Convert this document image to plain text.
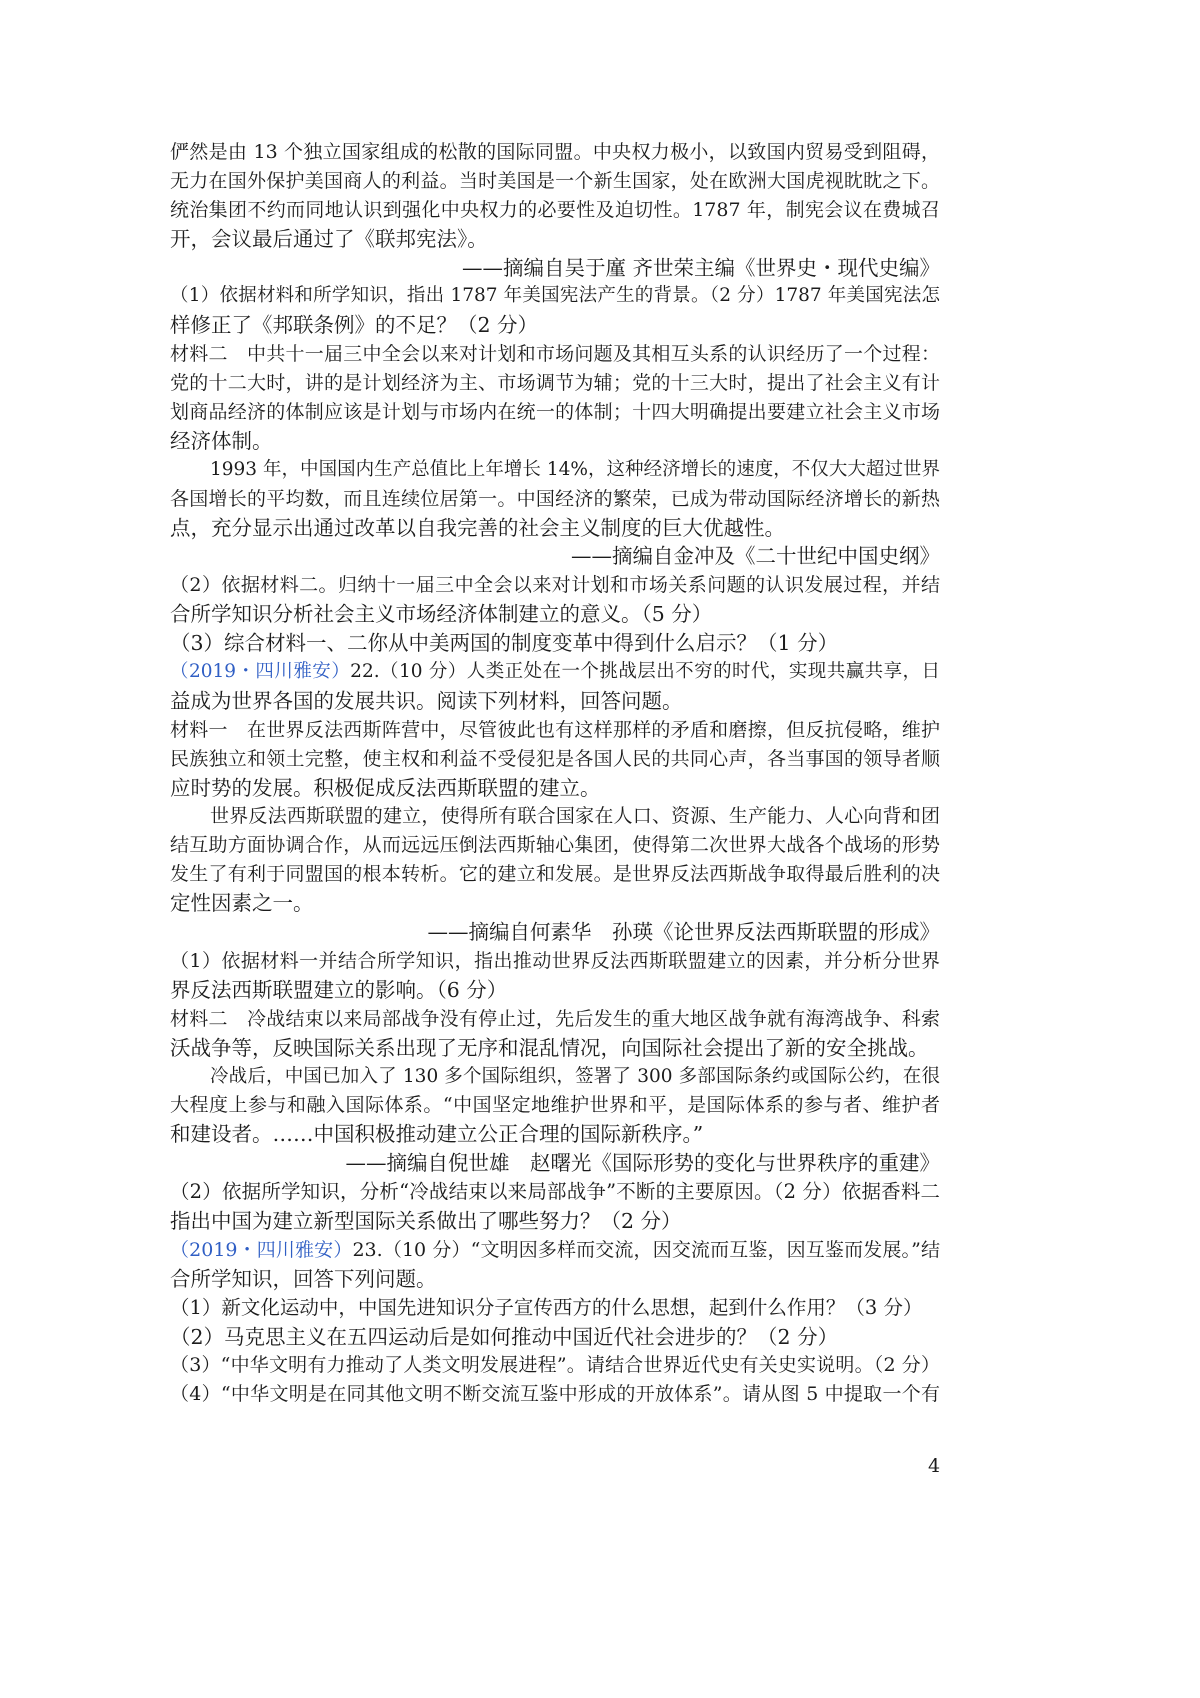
俨然是由 13 个独立国家组成的松散的国际同盟。中央权力极小，以致国内贸易受到阻碍，
无力在国外保护美国商人的利益。当时美国是一个新生国家，处在欧洲大国虎视眈眈之下。
统治集团不约而同地认识到强化中央权力的必要性及迫切性。1787 年，制宪会议在费城召
开，会议最后通过了《联邦宪法》。
——摘编自吴于廑 齐世荣主编《世界史・现代史编》
（1）依据材料和所学知识，指出 1787 年美国宪法产生的背景。（2 分）1787 年美国宪法怎
样修正了《邦联条例》的不足？（2 分）
材料二　中共十一届三中全会以来对计划和市场问题及其相互头系的认识经历了一个过程：
党的十二大时，讲的是计划经济为主、市场调节为辅；党的十三大时，提出了社会主义有计
划商品经济的体制应该是计划与市场内在统一的体制；十四大明确提出要建立社会主义市场
经济体制。
1993 年，中国国内生产总值比上年增长 14%，这种经济增长的速度，不仅大大超过世界
各国增长的平均数，而且连续位居第一。中国经济的繁荣，已成为带动国际经济增长的新热
点，充分显示出通过改革以自我完善的社会主义制度的巨大优越性。
——摘编自金冲及《二十世纪中国史纲》
（2）依据材料二。归纳十一届三中全会以来对计划和市场关系问题的认识发展过程，并结
合所学知识分析社会主义市场经济体制建立的意义。（5 分）
（3）综合材料一、二你从中美两国的制度变革中得到什么启示？（1 分）
（2019・四川雅安）22.（10 分）人类正处在一个挑战层出不穷的时代，实现共赢共享，日
益成为世界各国的发展共识。阅读下列材料，回答问题。
材料一　在世界反法西斯阵营中，尽管彼此也有这样那样的矛盾和磨擦，但反抗侵略，维护
民族独立和领土完整，使主权和利益不受侵犯是各国人民的共同心声，各当事国的领导者顺
应时势的发展。积极促成反法西斯联盟的建立。
世界反法西斯联盟的建立，使得所有联合国家在人口、资源、生产能力、人心向背和团
结互助方面协调合作，从而远远压倒法西斯轴心集团，使得第二次世界大战各个战场的形势
发生了有利于同盟国的根本转析。它的建立和发展。是世界反法西斯战争取得最后胜利的决
定性因素之一。
——摘编自何素华　孙瑛《论世界反法西斯联盟的形成》
（1）依据材料一并结合所学知识，指出推动世界反法西斯联盟建立的因素，并分析分世界
界反法西斯联盟建立的影响。（6 分）
材料二　冷战结束以来局部战争没有停止过，先后发生的重大地区战争就有海湾战争、科索
沃战争等，反映国际关系出现了无序和混乱情况，向国际社会提出了新的安全挑战。
冷战后，中国已加入了 130 多个国际组织，签署了 300 多部国际条约或国际公约，在很
大程度上参与和融入国际体系。“中国坚定地维护世界和平，是国际体系的参与者、维护者
和建设者。……中国积极推动建立公正合理的国际新秩序。”
——摘编自倪世雄　赵曙光《国际形势的变化与世界秩序的重建》
（2）依据所学知识，分析“冷战结束以来局部战争”不断的主要原因。（2 分）依据香料二
指出中国为建立新型国际关系做出了哪些努力？（2 分）
（2019・四川雅安）23.（10 分）“文明因多样而交流，因交流而互鉴，因互鉴而发展。”结
合所学知识，回答下列问题。
（1）新文化运动中，中国先进知识分子宣传西方的什么思想，起到什么作用？（3 分）
（2）马克思主义在五四运动后是如何推动中国近代社会进步的？（2 分）
（3）“中华文明有力推动了人类文明发展进程”。请结合世界近代史有关史实说明。（2 分）
（4）“中华文明是在同其他文明不断交流互鉴中形成的开放体系”。请从图 5 中提取一个有
4
